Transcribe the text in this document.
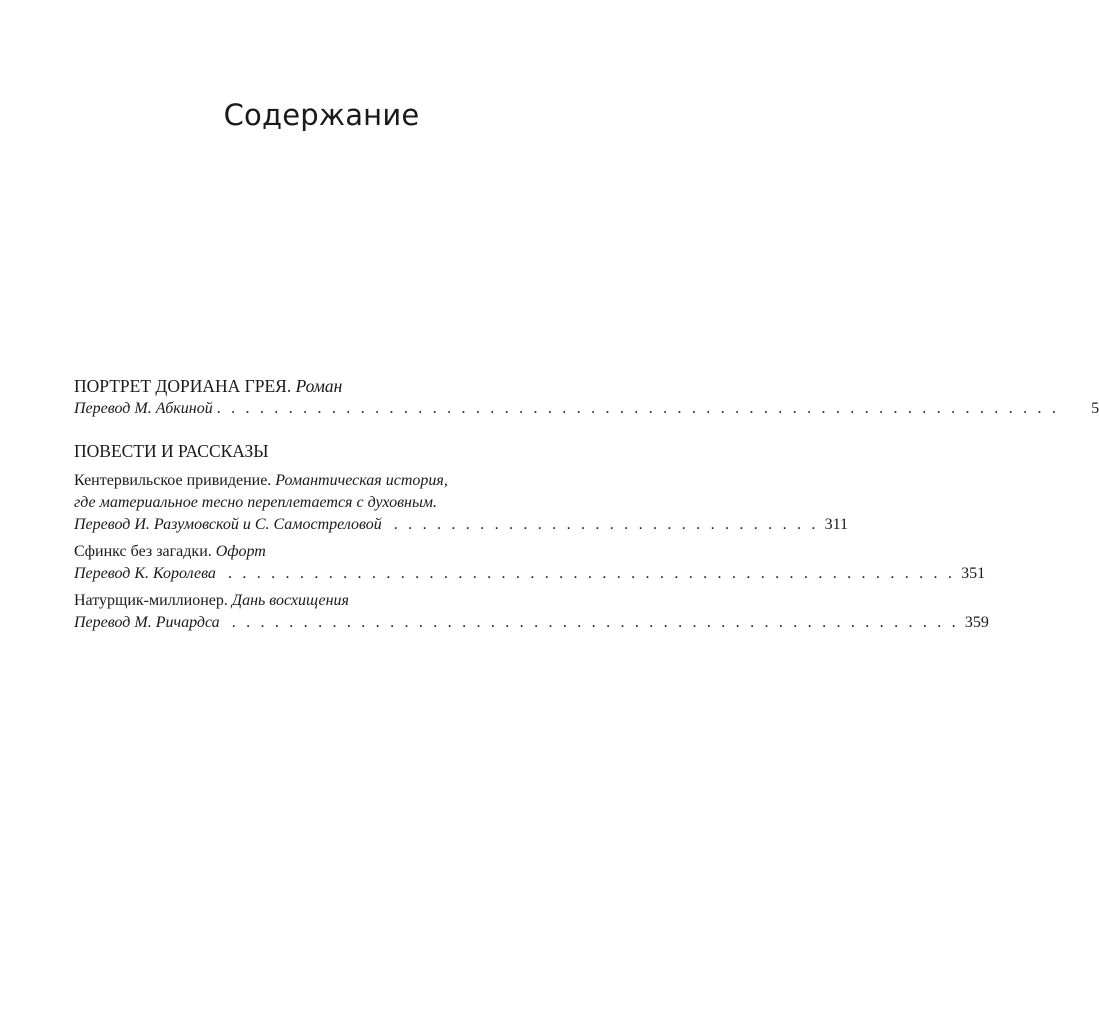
Содержание
ПОРТРЕТ ДОРИАНА ГРЕЯ. Роман
Перевод М. Абкиной . . . . . . . . . . . . . . . . . . . . . . . . . . . . . . . . . . . . . . . . . . . . . . . . . . . . . . . . . . . 5
ПОВЕСТИ И РАССКАЗЫ
Кентервильское привидение. Романтическая история,
где материальное тесно переплетается с духовным.
Перевод И. Разумовской и С. Самостреловой . . . . . . . . . . . . . . . . . . . . . . . . . . . . . . 311
Сфинкс без загадки. Офорт
Перевод К. Королева . . . . . . . . . . . . . . . . . . . . . . . . . . . . . . . . . . . . . . . . . . . . . . . . . . . 351
Натурщик-миллионер. Дань восхищения
Перевод М. Ричардса . . . . . . . . . . . . . . . . . . . . . . . . . . . . . . . . . . . . . . . . . . . . . . . . . . . 359
